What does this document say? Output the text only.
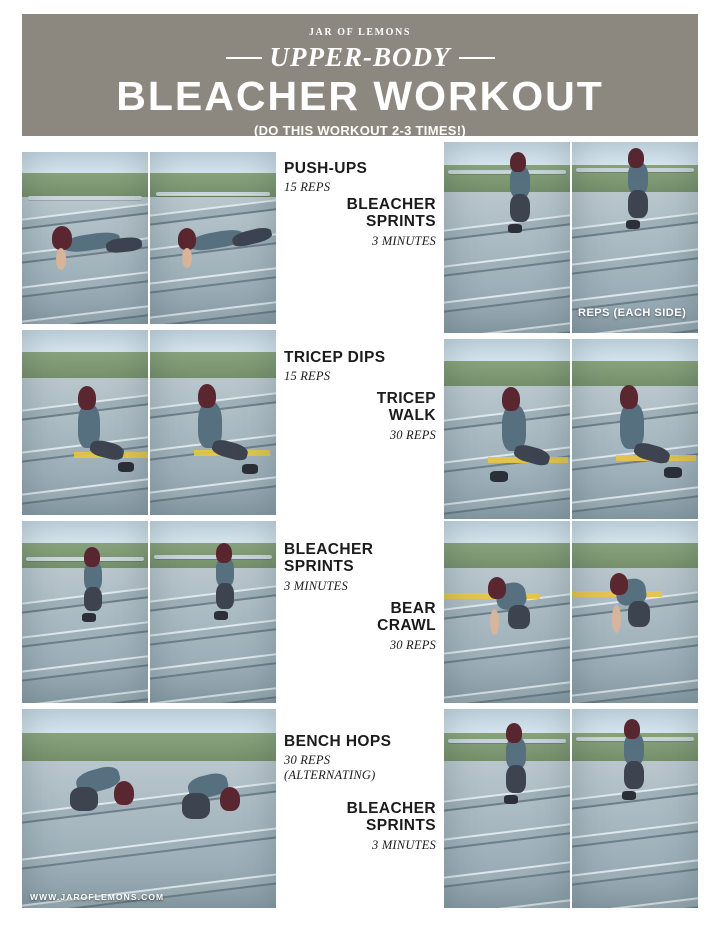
JAR OF LEMONS
UPPER-BODY
BLEACHER WORKOUT
(DO THIS WORKOUT 2-3 TIMES!)
WWW.JAROFLEMONS.COM
REPS (EACH SIDE)
PUSH-UPS
15 REPS
BLEACHER
SPRINTS
3 MINUTES
TRICEP DIPS
15 REPS
TRICEP
WALK
30 REPS
BLEACHER
SPRINTS
3 MINUTES
BEAR
CRAWL
30 REPS
BENCH HOPS
30 REPS
(ALTERNATING)
BLEACHER
SPRINTS
3 MINUTES
